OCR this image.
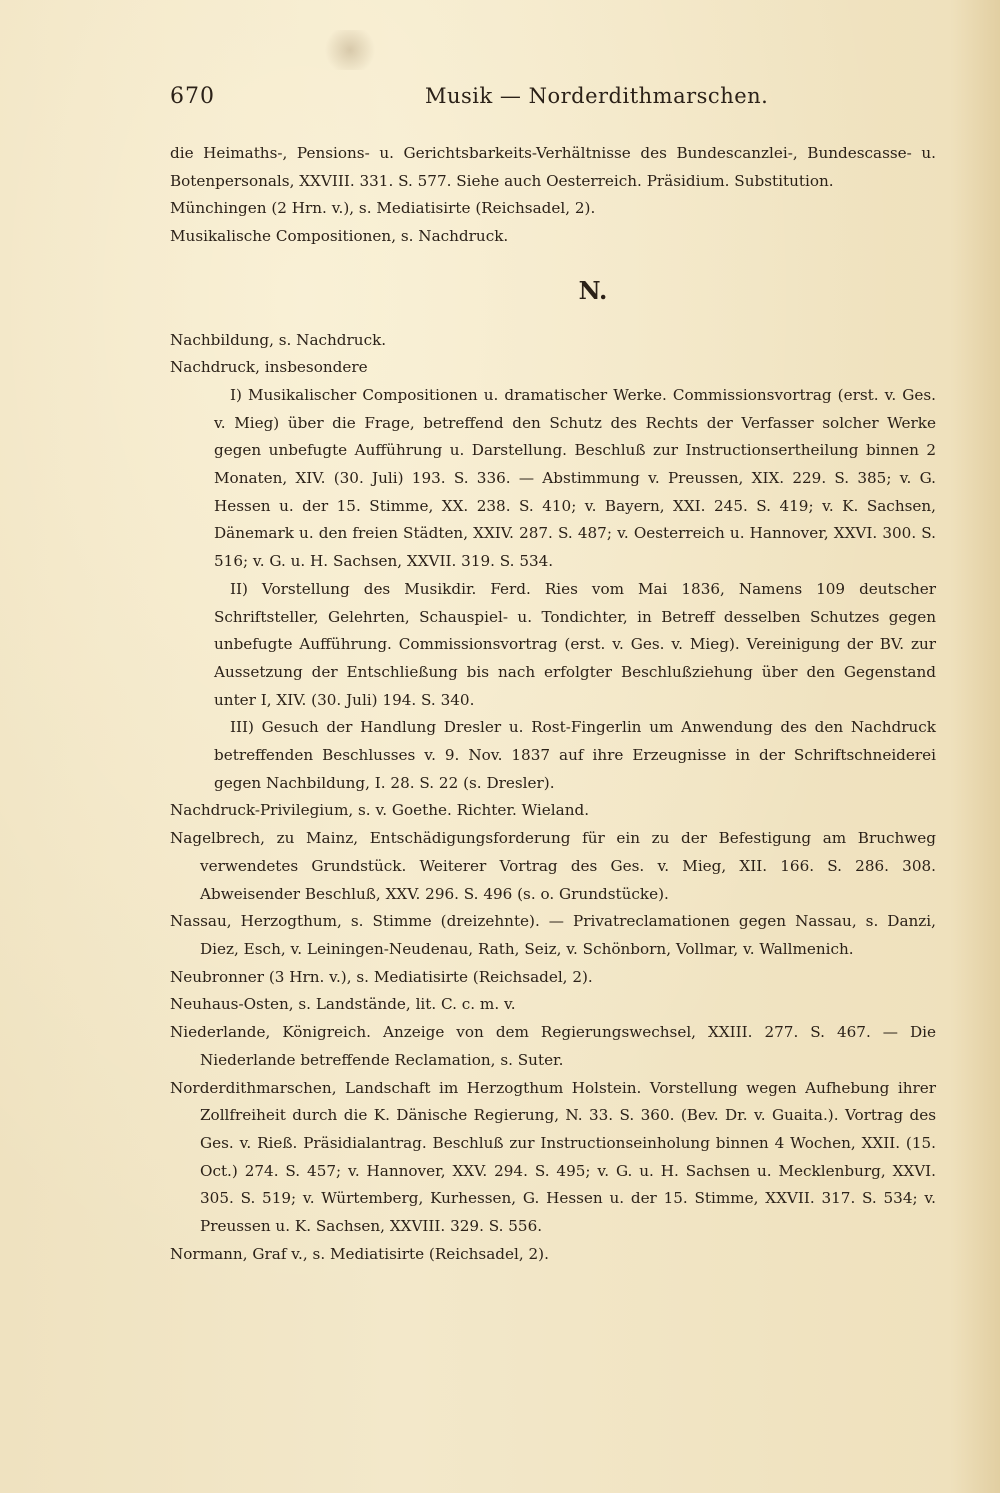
670	Musik — Norderdithmarschen.

die Heimaths-, Pensions- u. Gerichtsbarkeits-Verhältnisse des Bundescanzlei-, Bundescasse- u. Botenpersonals, XXVIII. 331. S. 577. Siehe auch Oesterreich. Präsidium. Substitution.

Münchingen (2 Hrn. v.), s. Mediatisirte (Reichsadel, 2).

Musikalische Compositionen, s. Nachdruck.

N.

Nachbildung, s. Nachdruck.

Nachdruck, insbesondere

I) Musikalischer Compositionen u. dramatischer Werke. Commissionsvortrag (erst. v. Ges. v. Mieg) über die Frage, betreffend den Schutz des Rechts der Verfasser solcher Werke gegen unbefugte Aufführung u. Darstellung. Beschluß zur Instructionsertheilung binnen 2 Monaten, XIV. (30. Juli) 193. S. 336. — Abstimmung v. Preussen, XIX. 229. S. 385; v. G. Hessen u. der 15. Stimme, XX. 238. S. 410; v. Bayern, XXI. 245. S. 419; v. K. Sachsen, Dänemark u. den freien Städten, XXIV. 287. S. 487; v. Oesterreich u. Hannover, XXVI. 300. S. 516; v. G. u. H. Sachsen, XXVII. 319. S. 534.

II) Vorstellung des Musikdir. Ferd. Ries vom Mai 1836, Namens 109 deutscher Schriftsteller, Gelehrten, Schauspiel- u. Tondichter, in Betreff desselben Schutzes gegen unbefugte Aufführung. Commissionsvortrag (erst. v. Ges. v. Mieg). Vereinigung der BV. zur Aussetzung der Entschließung bis nach erfolgter Beschlußziehung über den Gegenstand unter I, XIV. (30. Juli) 194. S. 340.

III) Gesuch der Handlung Dresler u. Rost-Fingerlin um Anwendung des den Nachdruck betreffenden Beschlusses v. 9. Nov. 1837 auf ihre Erzeugnisse in der Schriftschneiderei gegen Nachbildung, I. 28. S. 22 (s. Dresler).

Nachdruck-Privilegium, s. v. Goethe. Richter. Wieland.

Nagelbrech, zu Mainz, Entschädigungsforderung für ein zu der Befestigung am Bruchweg verwendetes Grundstück. Weiterer Vortrag des Ges. v. Mieg, XII. 166. S. 286. 308. Abweisender Beschluß, XXV. 296. S. 496 (s. o. Grundstücke).

Nassau, Herzogthum, s. Stimme (dreizehnte). — Privatreclamationen gegen Nassau, s. Danzi, Diez, Esch, v. Leiningen-Neudenau, Rath, Seiz, v. Schönborn, Vollmar, v. Wallmenich.

Neubronner (3 Hrn. v.), s. Mediatisirte (Reichsadel, 2).

Neuhaus-Osten, s. Landstände, lit. C. c. m. v.

Niederlande, Königreich. Anzeige von dem Regierungswechsel, XXIII. 277. S. 467. — Die Niederlande betreffende Reclamation, s. Suter.

Norderdithmarschen, Landschaft im Herzogthum Holstein. Vorstellung wegen Aufhebung ihrer Zollfreiheit durch die K. Dänische Regierung, N. 33. S. 360. (Bev. Dr. v. Guaita.). Vortrag des Ges. v. Rieß. Präsidialantrag. Beschluß zur Instructionseinholung binnen 4 Wochen, XXII. (15. Oct.) 274. S. 457; v. Hannover, XXV. 294. S. 495; v. G. u. H. Sachsen u. Mecklenburg, XXVI. 305. S. 519; v. Würtemberg, Kurhessen, G. Hessen u. der 15. Stimme, XXVII. 317. S. 534; v. Preussen u. K. Sachsen, XXVIII. 329. S. 556.

Normann, Graf v., s. Mediatisirte (Reichsadel, 2).
